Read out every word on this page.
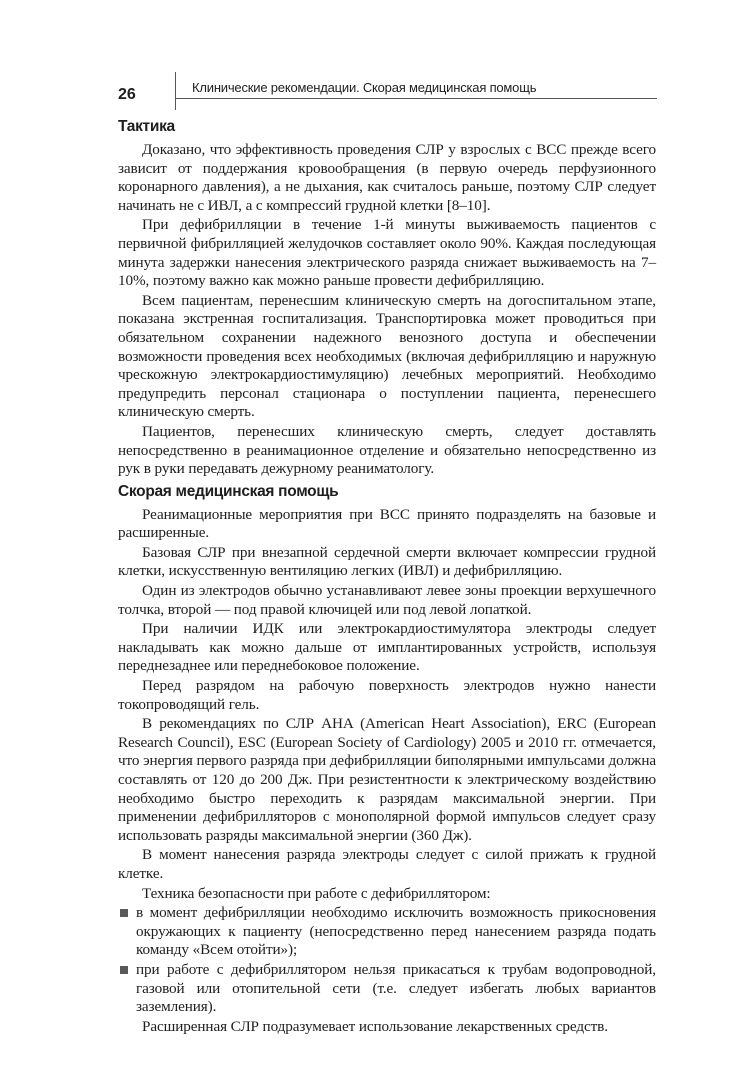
26	Клинические рекомендации. Скорая медицинская помощь
Тактика

Доказано, что эффективность проведения СЛР у взрослых с ВСС прежде всего зависит от поддержания кровообращения (в первую очередь перфузионного коронарного давления), а не дыхания, как считалось раньше, поэтому СЛР следует начинать не с ИВЛ, а с компрессий грудной клетки [8–10].

При дефибрилляции в течение 1-й минуты выживаемость пациентов с первичной фибрилляцией желудочков составляет около 90%. Каждая последующая минута задержки нанесения электрического разряда снижает выживаемость на 7–10%, поэтому важно как можно раньше провести дефибрилляцию.

Всем пациентам, перенесшим клиническую смерть на догоспитальном этапе, показана экстренная госпитализация. Транспортировка может проводиться при обязательном сохранении надежного венозного доступа и обеспечении возможности проведения всех необходимых (включая дефибрилляцию и наружную чрескожную электрокардиостимуляцию) лечебных мероприятий. Необходимо предупредить персонал стационара о поступлении пациента, перенесшего клиническую смерть.

Пациентов, перенесших клиническую смерть, следует доставлять непосредственно в реанимационное отделение и обязательно непосредственно из рук в руки передавать дежурному реаниматологу.

Скорая медицинская помощь

Реанимационные мероприятия при ВСС принято подразделять на базовые и расширенные.

Базовая СЛР при внезапной сердечной смерти включает компрессии грудной клетки, искусственную вентиляцию легких (ИВЛ) и дефибрилляцию.

Один из электродов обычно устанавливают левее зоны проекции верхушечного толчка, второй — под правой ключицей или под левой лопаткой.

При наличии ИДК или электрокардиостимулятора электроды следует накладывать как можно дальше от имплантированных устройств, используя переднезаднее или переднебоковое положение.

Перед разрядом на рабочую поверхность электродов нужно нанести токопроводящий гель.

В рекомендациях по СЛР AHA (American Heart Association), ERC (European Research Council), ESC (European Society of Cardiology) 2005 и 2010 гг. отмечается, что энергия первого разряда при дефибрилляции биполярными импульсами должна составлять от 120 до 200 Дж. При резистентности к электрическому воздействию необходимо быстро переходить к разрядам максимальной энергии. При применении дефибрилляторов с монополярной формой импульсов следует сразу использовать разряды максимальной энергии (360 Дж).

В момент нанесения разряда электроды следует с силой прижать к грудной клетке.

Техника безопасности при работе с дефибриллятором:

в момент дефибрилляции необходимо исключить возможность прикосновения окружающих к пациенту (непосредственно перед нанесением разряда подать команду «Всем отойти»);
при работе с дефибриллятором нельзя прикасаться к трубам водопроводной, газовой или отопительной сети (т.е. следует избегать любых вариантов заземления).

Расширенная СЛР подразумевает использование лекарственных средств.
